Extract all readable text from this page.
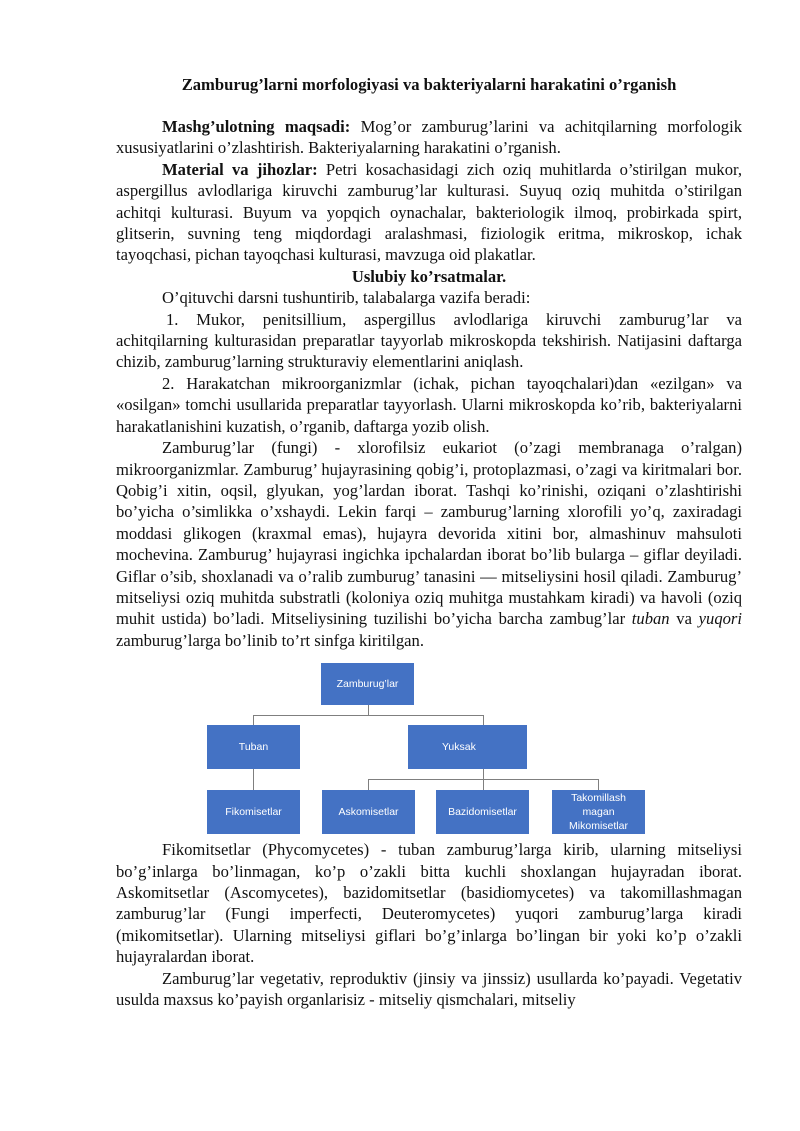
Zamburug’larni morfologiyasi va bakteriyalarni harakatini o’rganish

Mashg’ulotning maqsadi: Mog’or zamburug’larini va achitqilarning morfologik xususiyatlarini o’zlashtirish. Bakteriyalarning harakatini o’rganish.

Material va jihozlar: Petri kosachasidagi zich oziq muhitlarda o’stirilgan mukor, aspergillus avlodlariga kiruvchi zamburug’lar kulturasi. Suyuq oziq muhitda o’stirilgan achitqi kulturasi. Buyum va yopqich oynachalar, bakteriologik ilmoq, probirkada spirt, glitserin, suvning teng miqdordagi aralashmasi, fiziologik eritma, mikroskop, ichak tayoqchasi, pichan tayoqchasi kulturasi, mavzuga oid plakatlar.

Uslubiy ko’rsatmalar.

O’qituvchi darsni tushuntirib, talabalarga vazifa beradi:

1. Mukor, penitsillium, aspergillus avlodlariga kiruvchi zamburug’lar va achitqilarning kulturasidan preparatlar tayyorlab mikroskopda tekshirish. Natijasini daftarga chizib, zamburug’larning strukturaviy elementlarini aniqlash.

2. Harakatchan mikroorganizmlar (ichak, pichan tayoqchalari)dan «ezilgan» va «osilgan» tomchi usullarida preparatlar tayyorlash. Ularni mikroskopda ko’rib, bakteriyalarni harakatlanishini kuzatish, o’rganib, daftarga yozib olish.

Zamburug’lar (fungi) - xlorofilsiz eukariot (o’zagi membranaga o’ralgan) mikroorganizmlar. Zamburug’ hujayrasining qobig’i, protoplazmasi, o’zagi va kiritmalari bor. Qobig’i xitin, oqsil, glyukan, yog’lardan iborat. Tashqi ko’rinishi, oziqani o’zlashtirishi bo’yicha o’simlikka o’xshaydi. Lekin farqi – zamburug’larning xlorofili yo’q, zaxiradagi moddasi glikogen (kraxmal emas), hujayra devorida xitini bor, almashinuv mahsuloti mochevina. Zamburug’ hujayrasi ingichka ipchalardan iborat bo’lib bularga – giflar deyiladi. Giflar o’sib, shoxlanadi va o’ralib zumburug’ tanasini — mitseliysini hosil qiladi. Zamburug’ mitseliysi oziq muhitda substratli (koloniya oziq muhitga mustahkam kiradi) va havoli (oziq muhit ustida) bo’ladi. Mitseliysining tuzilishi bo’yicha barcha zambug’lar tuban va yuqori zamburug’larga bo’linib to’rt sinfga kiritilgan.

Zamburug’lar
Tuban	Yuksak
Fikomisetlar	Askomisetlar	Bazidomisetlar
Takomillash magan Mikomisetlar

Fikomitsetlar (Phycomycetes) - tuban zamburug’larga kirib, ularning mitseliysi bo’g’inlarga bo’linmagan, ko’p o’zakli bitta kuchli shoxlangan hujayradan iborat. Askomitsetlar (Ascomycetes), bazidomitsetlar (basidiomycetes) va takomillashmagan zamburug’lar (Fungi imperfecti, Deuteromycetes) yuqori zamburug’larga kiradi (mikomitsetlar). Ularning mitseliysi giflari bo’g’inlarga bo’lingan bir yoki ko’p o’zakli hujayralardan iborat.

Zamburug’lar vegetativ, reproduktiv (jinsiy va jinssiz) usullarda ko’payadi. Vegetativ usulda maxsus ko’payish organlarisiz - mitseliy qismchalari, mitseliy
